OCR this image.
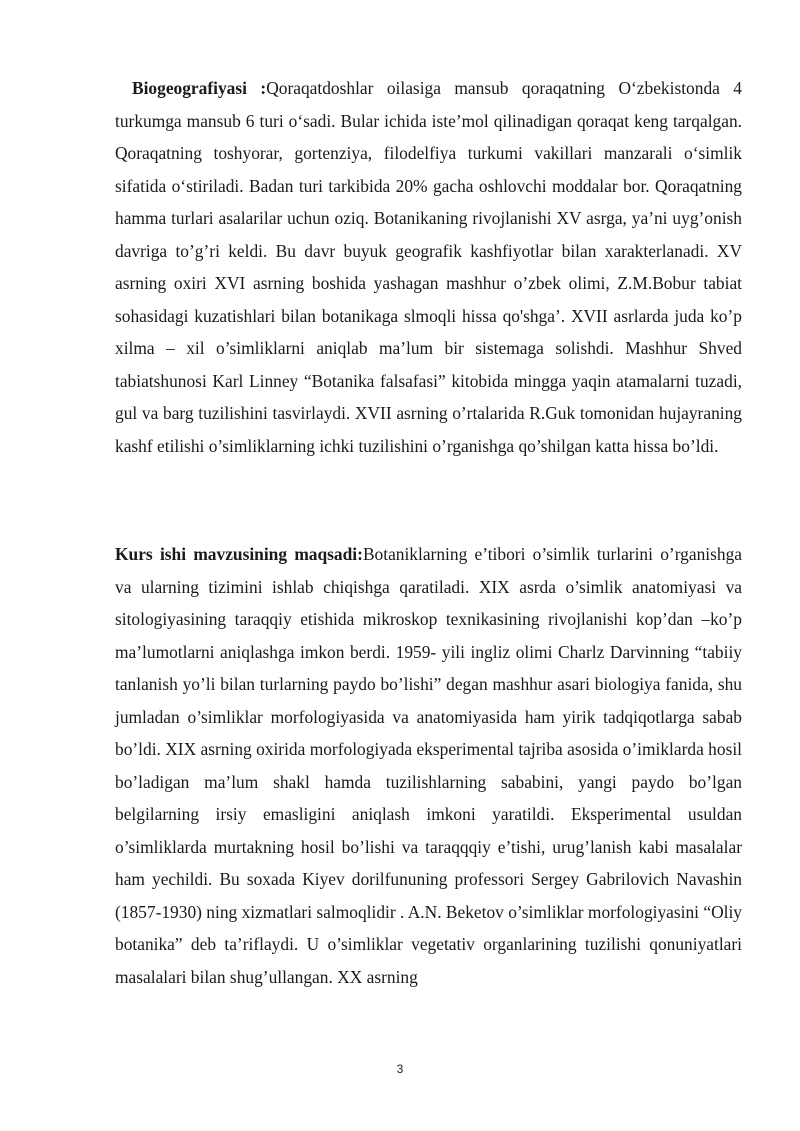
Biogeografiyasi :Qoraqatdoshlar oilasiga mansub qoraqatning O‘zbekistonda 4 turkumga mansub 6 turi o‘sadi. Bular ichida iste’mol qilinadigan qoraqat keng tarqalgan. Qoraqatning toshyorar, gortenziya, filodelfiya turkumi vakillari manzarali o‘simlik sifatida o‘stiriladi. Badan turi tarkibida 20% gacha oshlovchi moddalar bor. Qoraqatning hamma turlari asalarilar uchun oziq. Botanikaning rivojlanishi XV asrga, ya’ni uyg’onish davriga to’g’ri keldi. Bu davr buyuk geografik kashfiyotlar bilan xarakterlanadi. XV asrning oxiri XVI asrning boshida yashagan mashhur o’zbek olimi, Z.M.Bobur tabiat sohasidagi kuzatishlari bilan botanikaga slmoqli hissa qo'shga’. XVII asrlarda juda ko’p xilma – xil o’simliklarni aniqlab ma’lum bir sistemaga solishdi. Mashhur Shved tabiatshunosi Karl Linney “Botanika falsafasi” kitobida mingga yaqin atamalarni tuzadi, gul va barg tuzilishini tasvirlaydi. XVII asrning o’rtalarida R.Guk tomonidan hujayraning kashf etilishi o’simliklarning ichki tuzilishini o’rganishga qo’shilgan katta hissa bo’ldi.

Kurs ishi mavzusining maqsadi:Botaniklarning e’tibori o’simlik turlarini o’rganishga va ularning tizimini ishlab chiqishga qaratiladi. XIX asrda o’simlik anatomiyasi va sitologiyasining taraqqiy etishida mikroskop texnikasining rivojlanishi kop’dan –ko’p ma’lumotlarni aniqlashga imkon berdi. 1959- yili ingliz olimi Charlz Darvinning “tabiiy tanlanish yo’li bilan turlarning paydo bo’lishi” degan mashhur asari biologiya fanida, shu jumladan o’simliklar morfologiyasida va anatomiyasida ham yirik tadqiqotlarga sabab bo’ldi. XIX asrning oxirida morfologiyada eksperimental tajriba asosida o’imiklarda hosil bo’ladigan ma’lum shakl hamda tuzilishlarning sababini, yangi paydo bo’lgan belgilarning irsiy emasligini aniqlash imkoni yaratildi. Eksperimental usuldan o’simliklarda murtakning hosil bo’lishi va taraqqqiy e’tishi, urug’lanish kabi masalalar ham yechildi. Bu soxada Kiyev dorilfununing professori Sergey Gabrilovich Navashin (1857-1930) ning xizmatlari salmoqlidir . A.N. Beketov o’simliklar morfologiyasini “Oliy botanika” deb ta’riflaydi. U o’simliklar vegetativ organlarining tuzilishi qonuniyatlari masalalari bilan shug’ullangan. XX asrning

3
